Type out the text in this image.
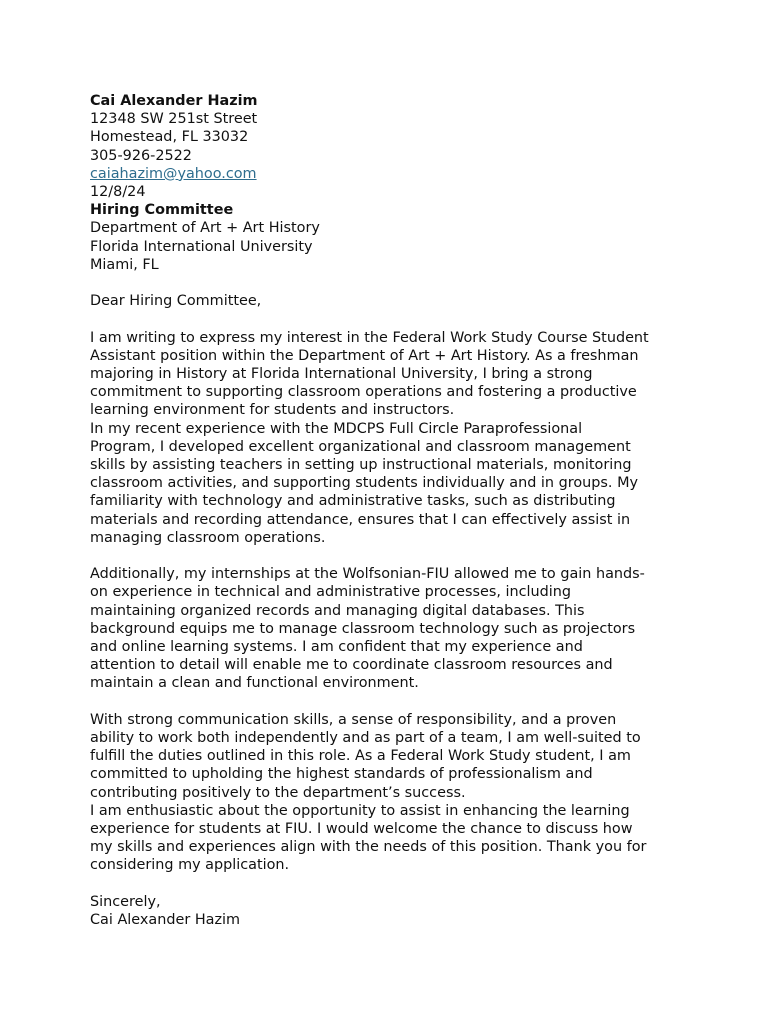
Cai Alexander Hazim
12348 SW 251st Street
Homestead, FL 33032
305-926-2522
caiahazim@yahoo.com
12/8/24
Hiring Committee
Department of Art + Art History
Florida International University
Miami, FL
Dear Hiring Committee,
I am writing to express my interest in the Federal Work Study Course Student
Assistant position within the Department of Art + Art History. As a freshman
majoring in History at Florida International University, I bring a strong
commitment to supporting classroom operations and fostering a productive
learning environment for students and instructors.
In my recent experience with the MDCPS Full Circle Paraprofessional
Program, I developed excellent organizational and classroom management
skills by assisting teachers in setting up instructional materials, monitoring
classroom activities, and supporting students individually and in groups. My
familiarity with technology and administrative tasks, such as distributing
materials and recording attendance, ensures that I can effectively assist in
managing classroom operations.
Additionally, my internships at the Wolfsonian-FIU allowed me to gain hands-
on experience in technical and administrative processes, including
maintaining organized records and managing digital databases. This
background equips me to manage classroom technology such as projectors
and online learning systems. I am confident that my experience and
attention to detail will enable me to coordinate classroom resources and
maintain a clean and functional environment.
With strong communication skills, a sense of responsibility, and a proven
ability to work both independently and as part of a team, I am well-suited to
fulfill the duties outlined in this role. As a Federal Work Study student, I am
committed to upholding the highest standards of professionalism and
contributing positively to the department’s success.
I am enthusiastic about the opportunity to assist in enhancing the learning
experience for students at FIU. I would welcome the chance to discuss how
my skills and experiences align with the needs of this position. Thank you for
considering my application.
Sincerely,
Cai Alexander Hazim
